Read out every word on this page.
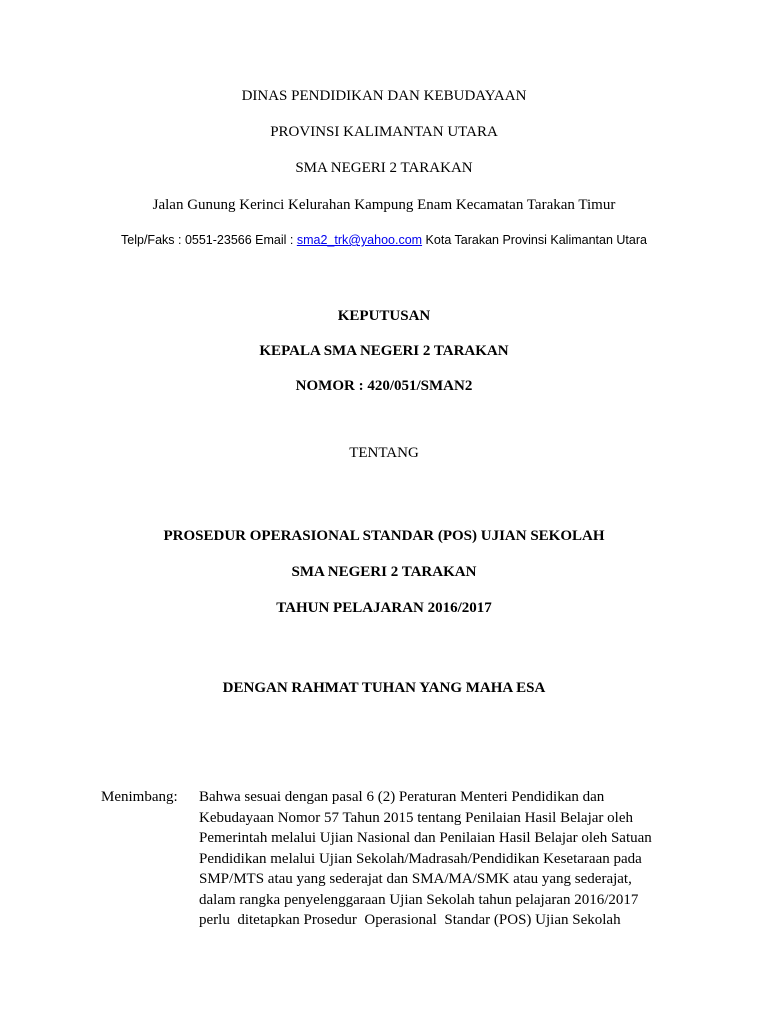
DINAS PENDIDIKAN DAN KEBUDAYAAN
PROVINSI KALIMANTAN UTARA
SMA NEGERI 2 TARAKAN
Jalan Gunung Kerinci Kelurahan Kampung Enam Kecamatan Tarakan Timur
Telp/Faks : 0551-23566 Email : sma2_trk@yahoo.com Kota Tarakan Provinsi Kalimantan Utara
KEPUTUSAN
KEPALA SMA NEGERI 2 TARAKAN
NOMOR : 420/051/SMAN2
TENTANG
PROSEDUR OPERASIONAL STANDAR (POS) UJIAN SEKOLAH
SMA NEGERI 2 TARAKAN
TAHUN PELAJARAN 2016/2017
DENGAN RAHMAT TUHAN YANG MAHA ESA
Menimbang: Bahwa sesuai dengan pasal 6 (2) Peraturan Menteri Pendidikan dan
Kebudayaan Nomor 57 Tahun 2015 tentang Penilaian Hasil Belajar oleh
Pemerintah melalui Ujian Nasional dan Penilaian Hasil Belajar oleh Satuan
Pendidikan melalui Ujian Sekolah/Madrasah/Pendidikan Kesetaraan pada
SMP/MTS atau yang sederajat dan SMA/MA/SMK atau yang sederajat,
dalam rangka penyelenggaraan Ujian Sekolah tahun pelajaran 2016/2017
perlu  ditetapkan Prosedur  Operasional  Standar (POS) Ujian Sekolah
